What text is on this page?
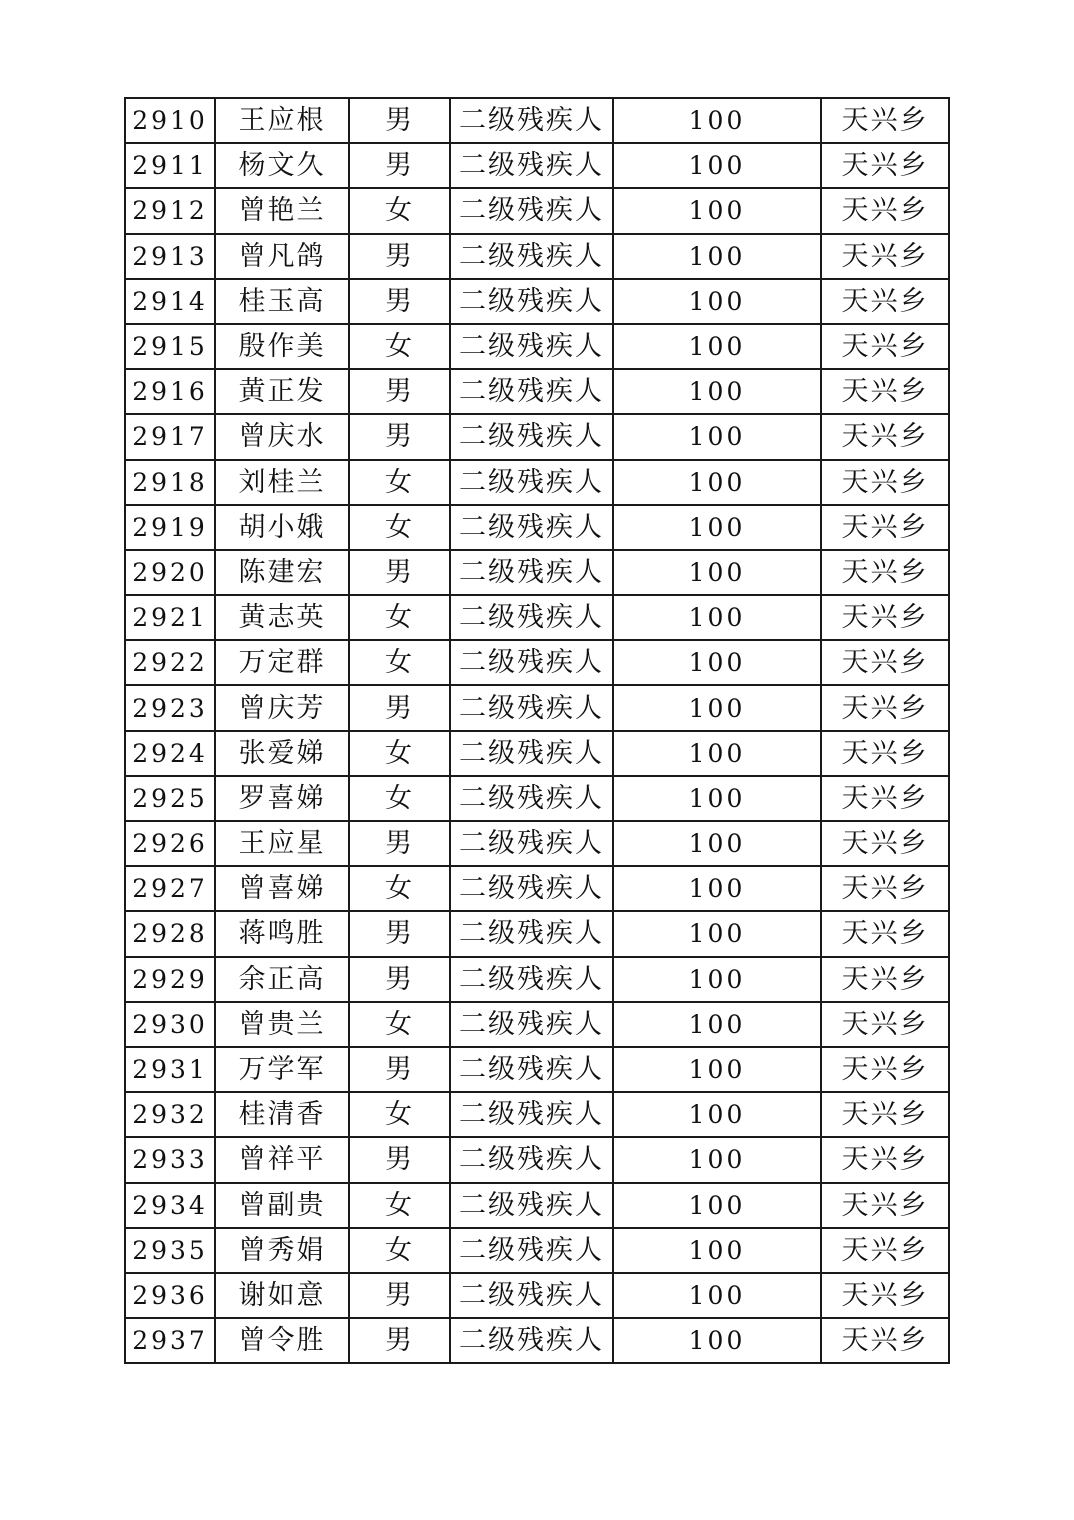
2910	王应根	男	二级残疾人	100	天兴乡
2911	杨文久	男	二级残疾人	100	天兴乡
2912	曾艳兰	女	二级残疾人	100	天兴乡
2913	曾凡鸽	男	二级残疾人	100	天兴乡
2914	桂玉高	男	二级残疾人	100	天兴乡
2915	殷作美	女	二级残疾人	100	天兴乡
2916	黄正发	男	二级残疾人	100	天兴乡
2917	曾庆水	男	二级残疾人	100	天兴乡
2918	刘桂兰	女	二级残疾人	100	天兴乡
2919	胡小娥	女	二级残疾人	100	天兴乡
2920	陈建宏	男	二级残疾人	100	天兴乡
2921	黄志英	女	二级残疾人	100	天兴乡
2922	万定群	女	二级残疾人	100	天兴乡
2923	曾庆芳	男	二级残疾人	100	天兴乡
2924	张爱娣	女	二级残疾人	100	天兴乡
2925	罗喜娣	女	二级残疾人	100	天兴乡
2926	王应星	男	二级残疾人	100	天兴乡
2927	曾喜娣	女	二级残疾人	100	天兴乡
2928	蒋鸣胜	男	二级残疾人	100	天兴乡
2929	余正高	男	二级残疾人	100	天兴乡
2930	曾贵兰	女	二级残疾人	100	天兴乡
2931	万学军	男	二级残疾人	100	天兴乡
2932	桂清香	女	二级残疾人	100	天兴乡
2933	曾祥平	男	二级残疾人	100	天兴乡
2934	曾副贵	女	二级残疾人	100	天兴乡
2935	曾秀娟	女	二级残疾人	100	天兴乡
2936	谢如意	男	二级残疾人	100	天兴乡
2937	曾令胜	男	二级残疾人	100	天兴乡
